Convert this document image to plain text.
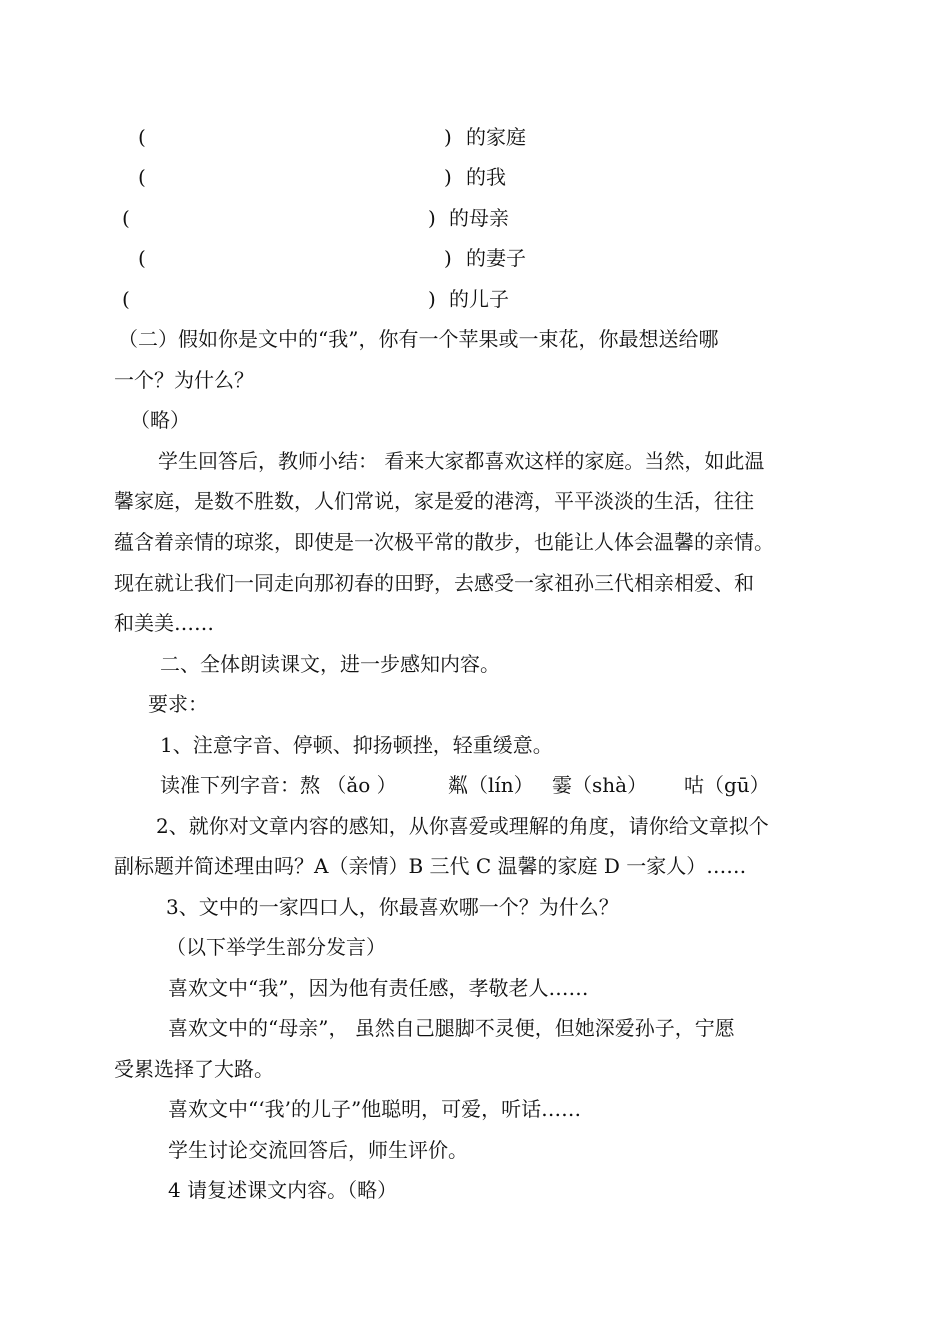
(	) 的家庭
(	) 的我
(	) 的母亲
(	) 的妻子
(	) 的儿子
（二）假如你是文中的“我”，你有一个苹果或一束花，你最想送给哪
一个？为什么？
（略）
学生回答后，教师小结： 看来大家都喜欢这样的家庭。当然，如此温
馨家庭，是数不胜数，人们常说，家是爱的港湾，平平淡淡的生活，往往
蕴含着亲情的琼浆，即使是一次极平常的散步，也能让人体会温馨的亲情。
现在就让我们一同走向那初春的田野，去感受一家祖孙三代相亲相爱、和
和美美……
二、全体朗读课文，进一步感知内容。
要求：
1、注意字音、停顿、抑扬顿挫，轻重缓意。
读准下列字音：熬 （ǎo ）	粼（lín） 霎（shà） 咕（gū）
2、就你对文章内容的感知，从你喜爱或理解的角度，请你给文章拟个
副标题并简述理由吗？A（亲情）B 三代 C 温馨的家庭 D 一家人）……
3、文中的一家四口人，你最喜欢哪一个？为什么？
（以下举学生部分发言）
喜欢文中“我”，因为他有责任感，孝敬老人……
喜欢文中的“母亲”， 虽然自己腿脚不灵便，但她深爱孙子，宁愿
受累选择了大路。
喜欢文中“‘我’的儿子”他聪明，可爱，听话……
学生讨论交流回答后，师生评价。
4 请复述课文内容。（略）
